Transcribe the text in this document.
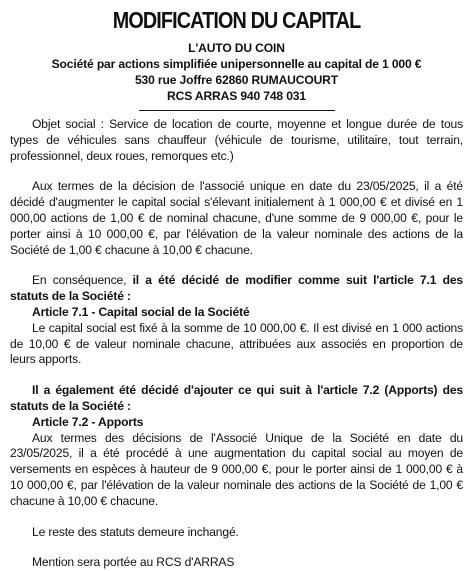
MODIFICATION DU CAPITAL
L'AUTO DU COIN
Société par actions simplifiée unipersonnelle au capital de 1 000 €
530 rue Joffre 62860 RUMAUCOURT
RCS ARRAS 940 748 031

Objet social : Service de location de courte, moyenne et longue durée de tous types de véhicules sans chauffeur (véhicule de tourisme, utilitaire, tout terrain, professionnel, deux roues, remorques etc.)

Aux termes de la décision de l'associé unique en date du 23/05/2025, il a été décidé d'augmenter le capital social s'élevant initialement à 1 000,00 € et divisé en 1 000,00 actions de 1,00 € de nominal chacune, d'une somme de 9 000,00 €, pour le porter ainsi à 10 000,00 €, par l'élévation de la valeur nominale des actions de la Société de 1,00 € chacune à 10,00 € chacune.

En conséquence, il a été décidé de modifier comme suit l'article 7.1 des statuts de la Société :

Article 7.1 - Capital social de la Société

Le capital social est fixé à la somme de 10 000,00 €. Il est divisé en 1 000 actions de 10,00 € de valeur nominale chacune, attribuées aux associés en proportion de leurs apports.

Il a également été décidé d'ajouter ce qui suit à l'article 7.2 (Apports) des statuts de la Société :

Article 7.2 - Apports

Aux termes des décisions de l'Associé Unique de la Société en date du 23/05/2025, il a été procédé à une augmentation du capital social au moyen de versements en espèces à hauteur de 9 000,00 €, pour le porter ainsi de 1 000,00 € à 10 000,00 €, par l'élévation de la valeur nominale des actions de la Société de 1,00 € chacune à 10,00 € chacune.

Le reste des statuts demeure inchangé.

Mention sera portée au RCS d'ARRAS
